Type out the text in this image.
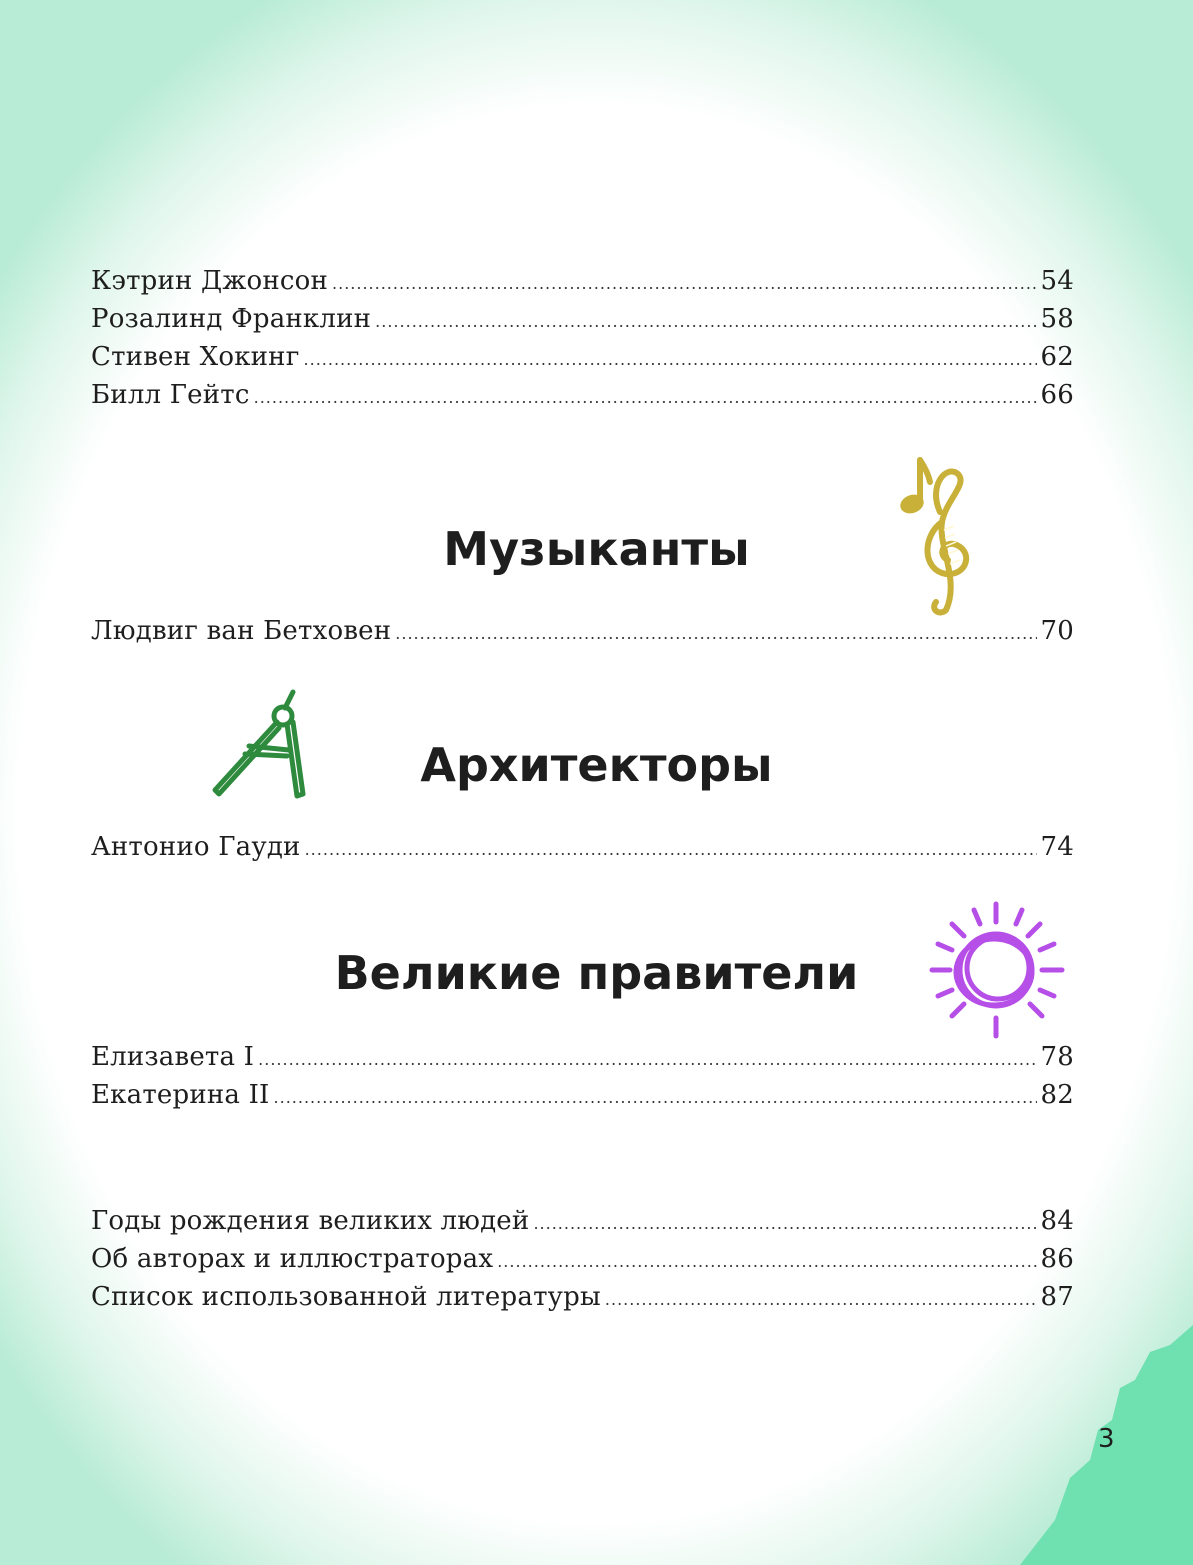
Кэтрин Джонсон .....	54
Розалинд Франклин .....	58
Стивен Хокинг .....	62
Билл Гейтс .....	66
Музыканты
Людвиг ван Бетховен .....	70
Архитекторы
Антонио Гауди .....	74
Великие правители
Елизавета I .....	78
Екатерина II .....	82
Годы рождения великих людей .....	84
Об авторах и иллюстраторах .....	86
Список использованной литературы .....	87
3
